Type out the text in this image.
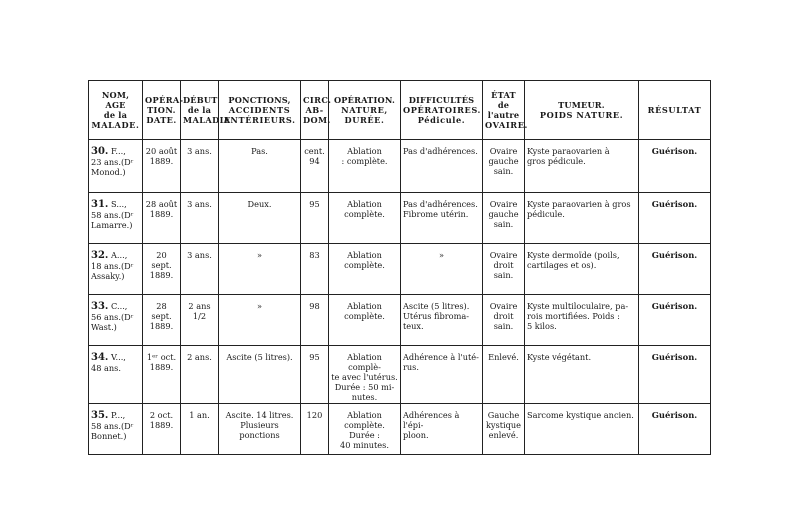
NOM, AGE
de la
MALADE.	OPÉRA-
TION.
DATE.	DÉBUT
de la
MALADIE	PONCTIONS,
ACCIDENTS
ANTÉRIEURS.	CIRC.
AB-
DOM.	OPÉRATION.
NATURE, DURÉE.	DIFFICULTÉS
OPÉRATOIRES.
Pédicule.	ÉTAT
de l'autre
OVAIRE.	TUMEUR.
POIDS NATURE.	RÉSULTAT

30. F...,
23 ans.(Dʳ
Monod.)	20 août
1889.	3 ans.	Pas.	cent.
94	Ablation
: complète.	Pas d'adhérences.	Ovaire
gauche
sain.	Kyste paraovarien à
gros pédicule.	Guérison.

31. S...,
58 ans.(Dʳ
Lamarre.)	28 août
1889.	3 ans.	Deux.	95	Ablation
complète.	Pas d'adhérences.
Fibrome utérin.	Ovaire
gauche
sain.	Kyste paraovarien à gros
pédicule.	Guérison.

32. A...,
18 ans.(Dʳ
Assaky.)	20 sept.
1889.	3 ans.	»	83	Ablation
complète.	»	Ovaire
droit
sain.	Kyste dermoïde (poils,
cartilages et os).	Guérison.

33. C...,
56 ans.(Dʳ
Wast.)	28 sept.
1889.	2 ans 1/2	»	98	Ablation
complète.	Ascite (5 litres).
Utérus fibroma-
teux.	Ovaire
droit
sain.	Kyste multiloculaire, pa-
rois mortifiées. Poids :
5 kilos.	Guérison.

34. V...,
48 ans.	1ᵉʳ oct.
1889.	2 ans.	Ascite (5 litres).	95	Ablation complè-
te avec l'utérus.
Durée : 50 mi-
nutes.	Adhérence à l'uté-
rus.	Enlevé.	Kyste végétant.	Guérison.

35. P...,
58 ans.(Dʳ
Bonnet.)	2 oct.
1889.	1 an.	Ascite. 14 litres.
Plusieurs ponctions	120	Ablation
complète. Durée :
40 minutes.	Adhérences à l'épi-
ploon.	Gauche
kystique
enlevé.	Sarcome kystique ancien.	Guérison.
